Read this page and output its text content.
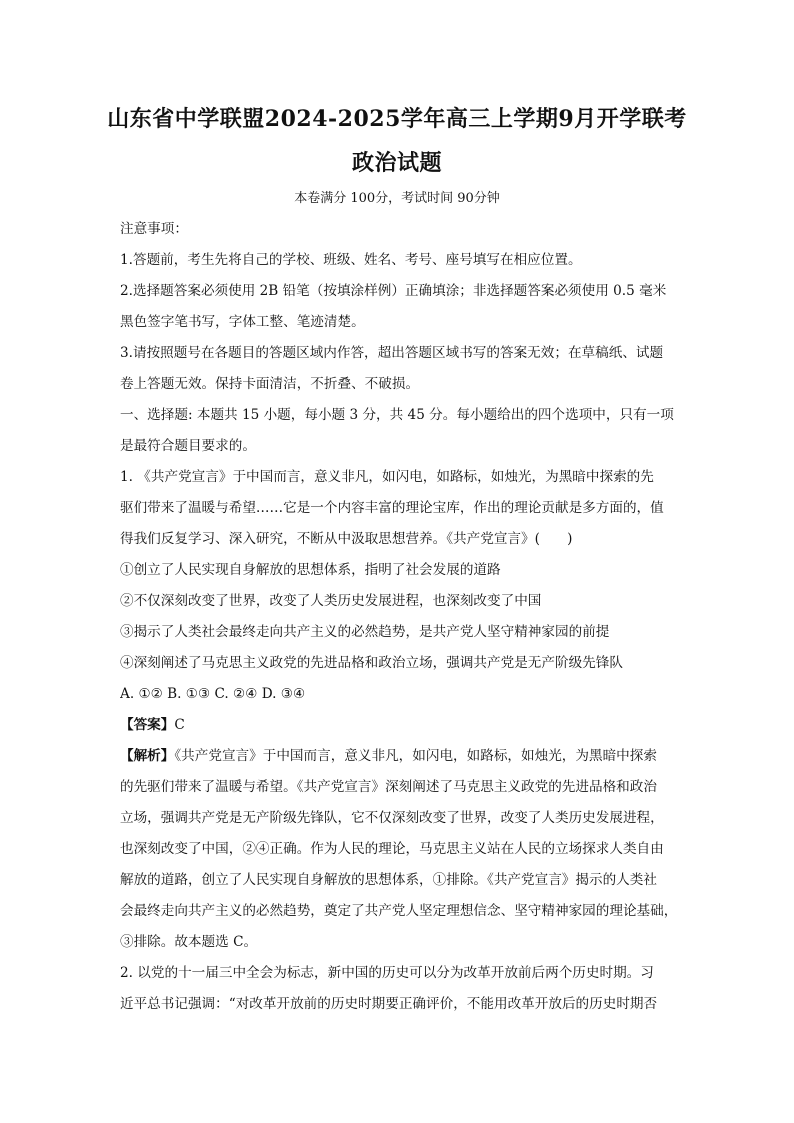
山东省中学联盟2024-2025学年高三上学期9月开学联考
政治试题
本卷满分 100分，考试时间 90分钟
注意事项：
1.答题前，考生先将自己的学校、班级、姓名、考号、座号填写在相应位置。
2.选择题答案必须使用 2B 铅笔（按填涂样例）正确填涂；非选择题答案必须使用 0.5 毫米
黑色签字笔书写，字体工整、笔迹清楚。
3.请按照题号在各题目的答题区域内作答，超出答题区域书写的答案无效；在草稿纸、试题
卷上答题无效。保持卡面清洁，不折叠、不破损。
一、选择题: 本题共 15 小题，每小题 3 分，共 45 分。每小题给出的四个选项中，只有一项
是最符合题目要求的。
1. 《共产党宣言》于中国而言，意义非凡，如闪电，如路标，如烛光，为黑暗中探索的先
驱们带来了温暖与希望……它是一个内容丰富的理论宝库，作出的理论贡献是多方面的，值
得我们反复学习、深入研究，不断从中汲取思想营养。《共产党宣言》(　　)
①创立了人民实现自身解放的思想体系，指明了社会发展的道路
②不仅深刻改变了世界，改变了人类历史发展进程，也深刻改变了中国
③揭示了人类社会最终走向共产主义的必然趋势，是共产党人坚守精神家园的前提
④深刻阐述了马克思主义政党的先进品格和政治立场，强调共产党是无产阶级先锋队
A. ①② B. ①③ C. ②④ D. ③④
【答案】C
【解析】《共产党宣言》于中国而言，意义非凡，如闪电，如路标，如烛光，为黑暗中探索
的先驱们带来了温暖与希望。《共产党宣言》深刻阐述了马克思主义政党的先进品格和政治
立场，强调共产党是无产阶级先锋队，它不仅深刻改变了世界，改变了人类历史发展进程，
也深刻改变了中国，②④正确。作为人民的理论，马克思主义站在人民的立场探求人类自由
解放的道路，创立了人民实现自身解放的思想体系，①排除。《共产党宣言》揭示的人类社
会最终走向共产主义的必然趋势，奠定了共产党人坚定理想信念、坚守精神家园的理论基础，
③排除。故本题选 C。
2. 以党的十一届三中全会为标志，新中国的历史可以分为改革开放前后两个历史时期。习
近平总书记强调：“对改革开放前的历史时期要正确评价，不能用改革开放后的历史时期否
